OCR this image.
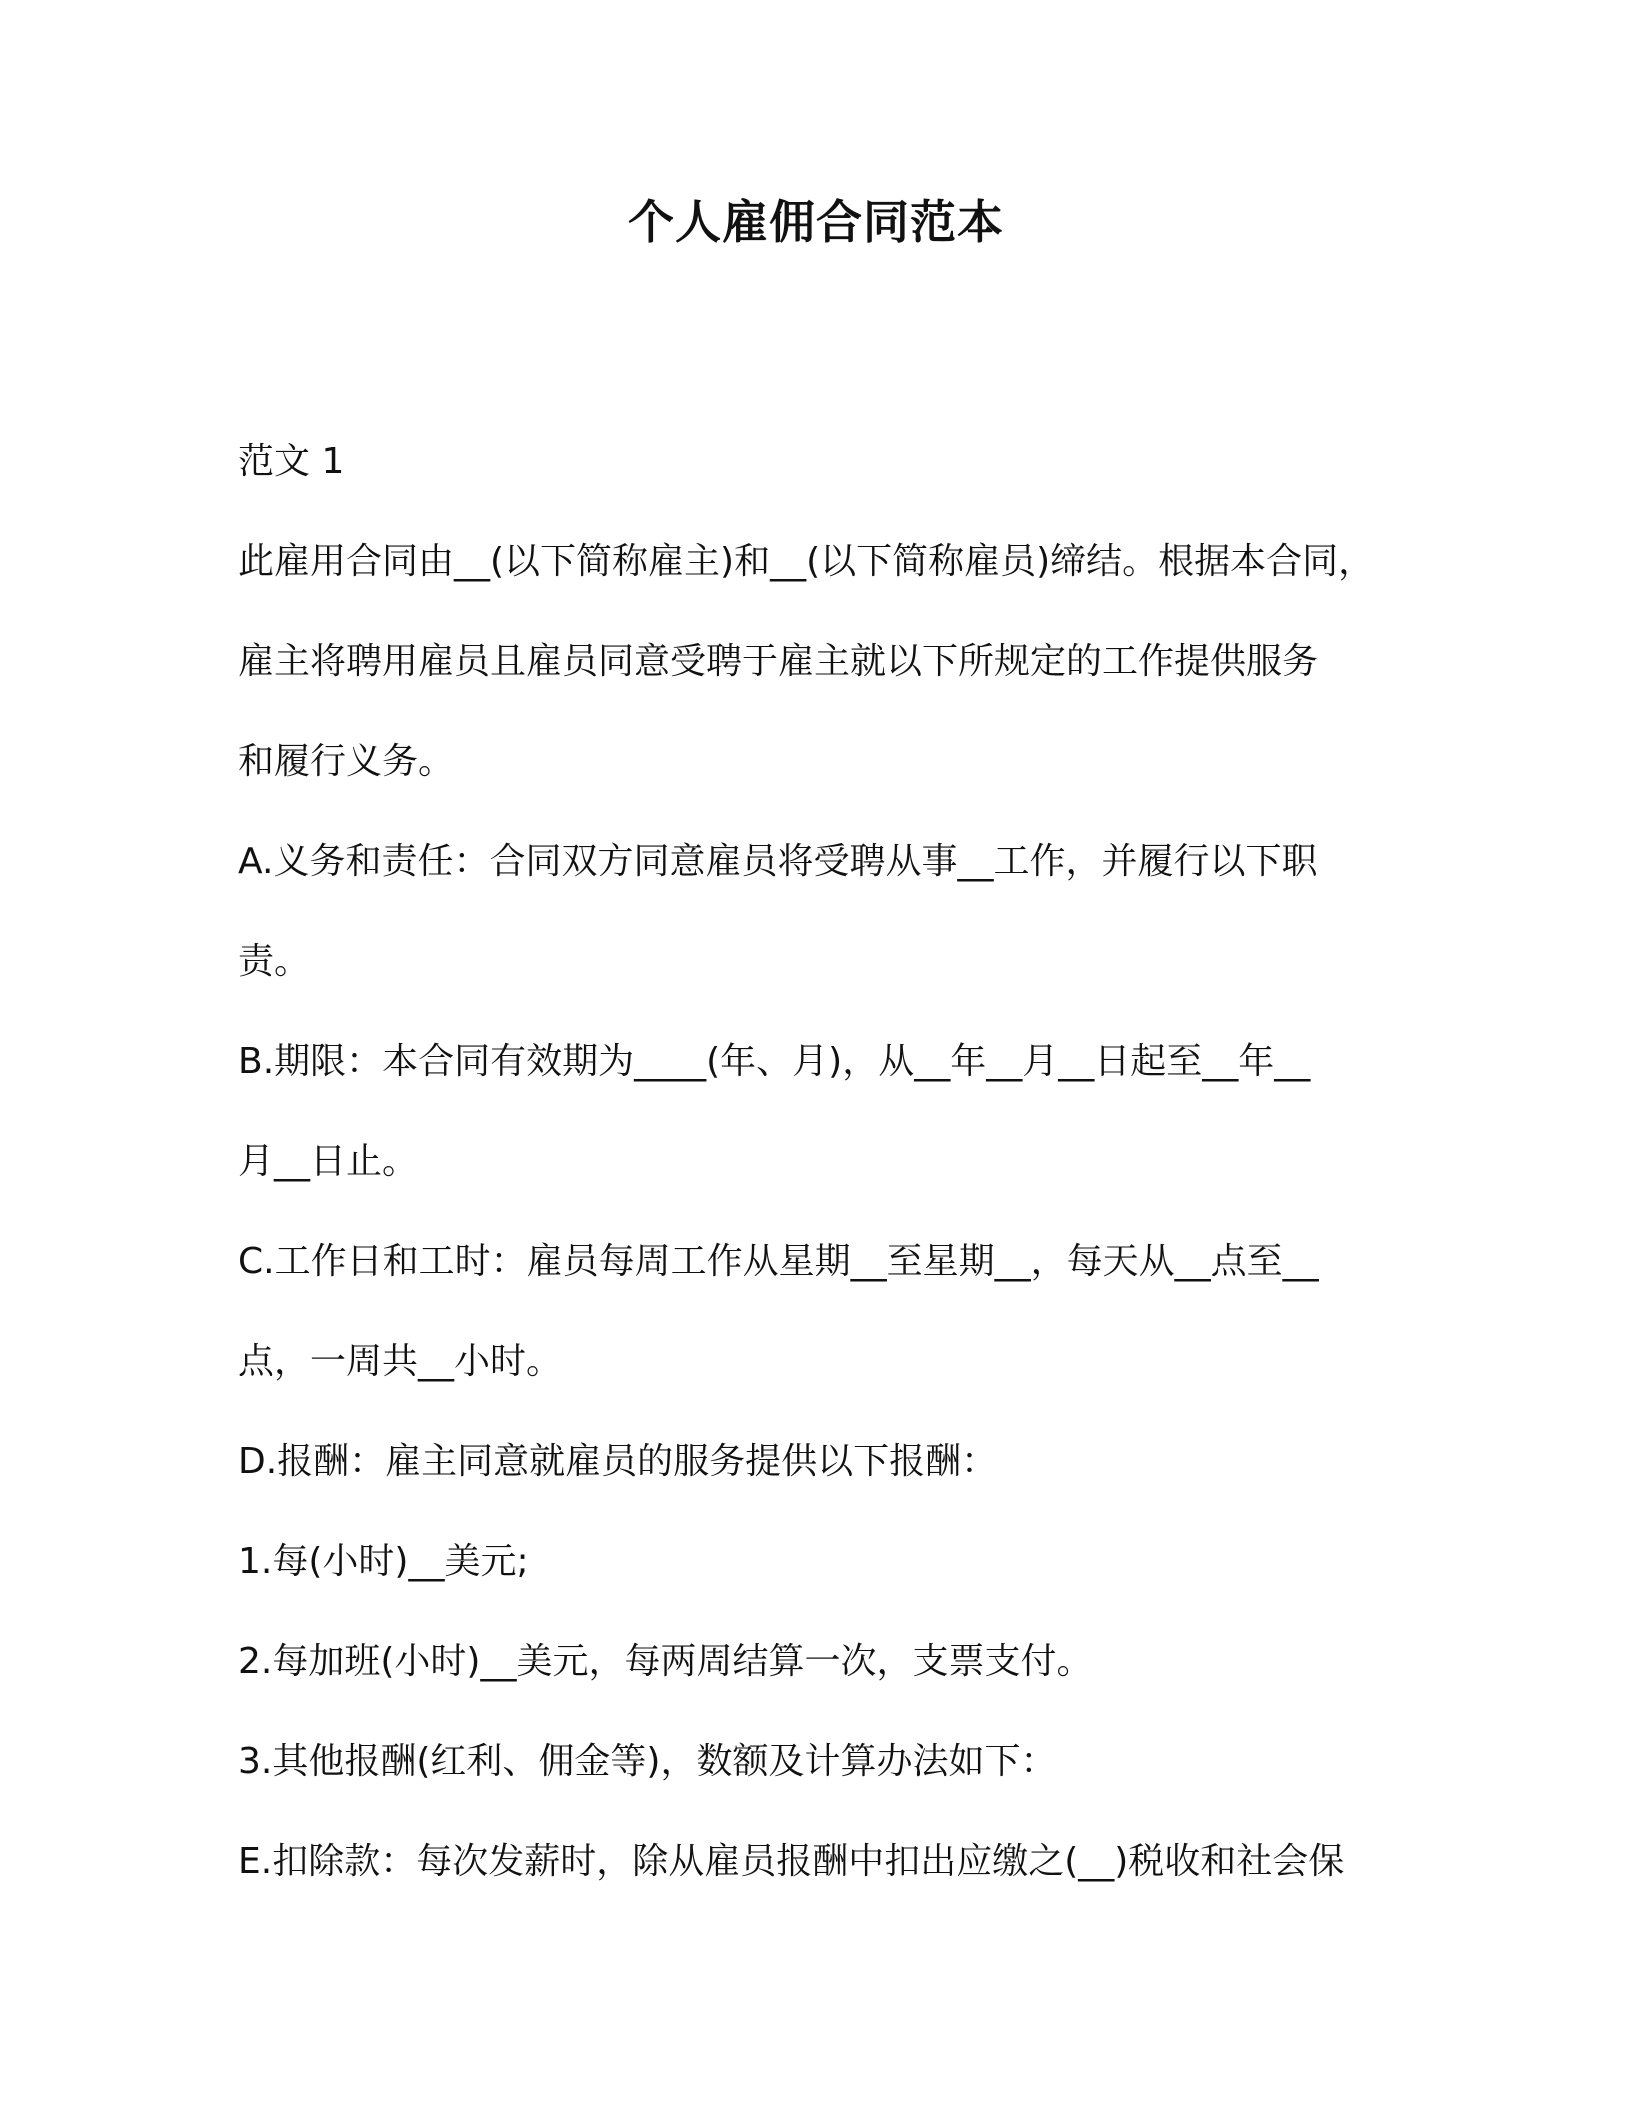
个人雇佣合同范本

范文 1

此雇用合同由__(以下简称雇主)和__(以下简称雇员)缔结。根据本合同，

雇主将聘用雇员且雇员同意受聘于雇主就以下所规定的工作提供服务

和履行义务。

A.义务和责任：合同双方同意雇员将受聘从事__工作，并履行以下职

责。

B.期限：本合同有效期为____(年、月)，从__年__月__日起至__年__

月__日止。

C.工作日和工时：雇员每周工作从星期__至星期__，每天从__点至__

点，一周共__小时。

D.报酬：雇主同意就雇员的服务提供以下报酬：

1.每(小时)__美元;

2.每加班(小时)__美元，每两周结算一次，支票支付。

3.其他报酬(红利、佣金等)，数额及计算办法如下：

E.扣除款：每次发薪时，除从雇员报酬中扣出应缴之(__)税收和社会保
